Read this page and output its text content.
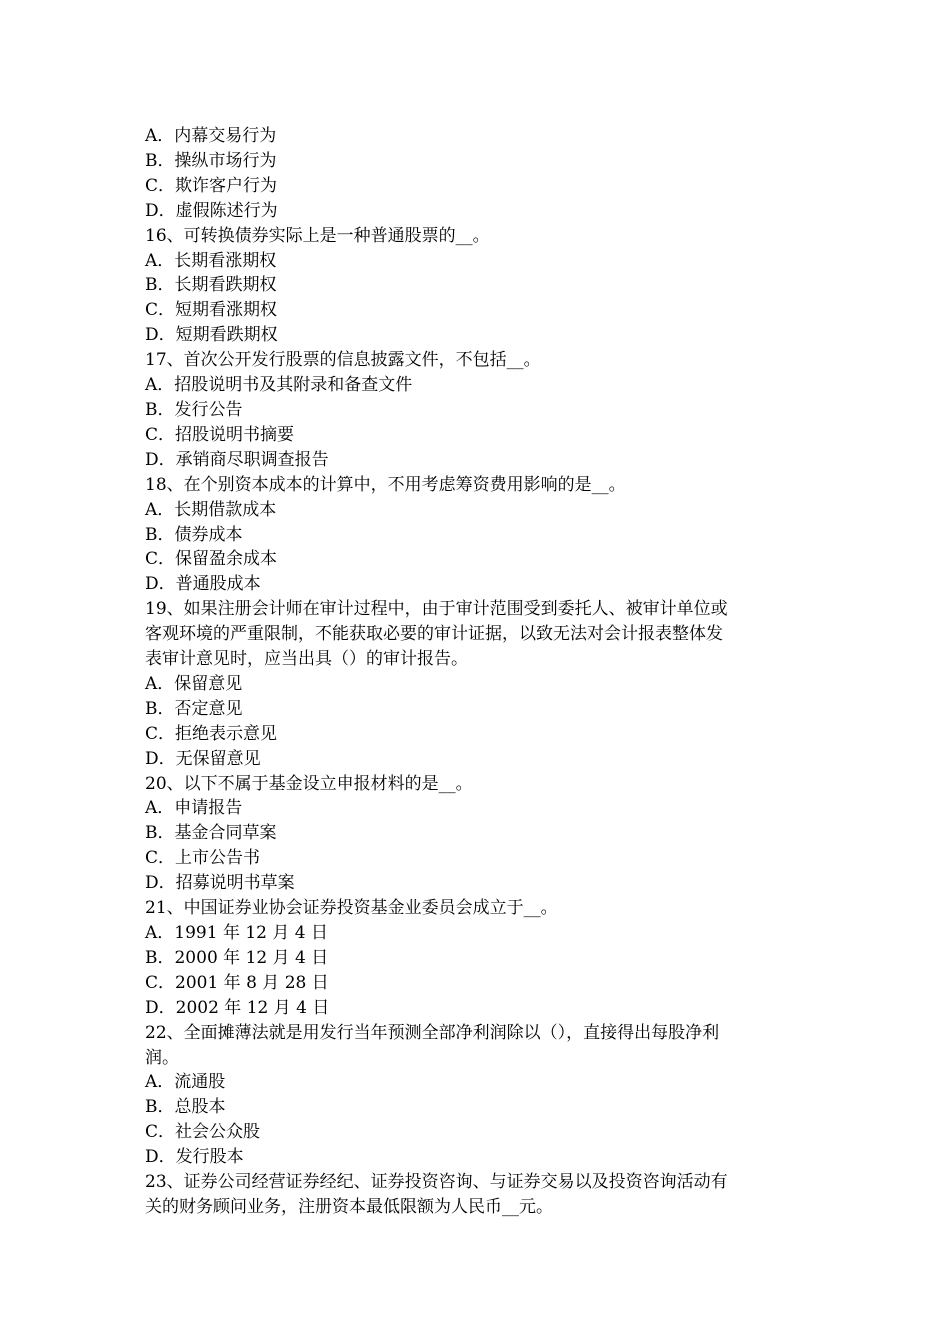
A．内幕交易行为
B．操纵市场行为
C．欺诈客户行为
D．虚假陈述行为
16、可转换债券实际上是一种普通股票的__。
A．长期看涨期权
B．长期看跌期权
C．短期看涨期权
D．短期看跌期权
17、首次公开发行股票的信息披露文件，不包括__。
A．招股说明书及其附录和备查文件
B．发行公告
C．招股说明书摘要
D．承销商尽职调查报告
18、在个别资本成本的计算中，不用考虑筹资费用影响的是__。
A．长期借款成本
B．债券成本
C．保留盈余成本
D．普通股成本
19、如果注册会计师在审计过程中，由于审计范围受到委托人、被审计单位或
客观环境的严重限制，不能获取必要的审计证据，以致无法对会计报表整体发
表审计意见时，应当出具（）的审计报告。
A．保留意见
B．否定意见
C．拒绝表示意见
D．无保留意见
20、以下不属于基金设立申报材料的是__。
A．申请报告
B．基金合同草案
C．上市公告书
D．招募说明书草案
21、中国证券业协会证券投资基金业委员会成立于__。
A．1991 年 12 月 4 日
B．2000 年 12 月 4 日
C．2001 年 8 月 28 日
D．2002 年 12 月 4 日
22、全面摊薄法就是用发行当年预测全部净利润除以（），直接得出每股净利
润。
A．流通股
B．总股本
C．社会公众股
D．发行股本
23、证券公司经营证券经纪、证券投资咨询、与证券交易以及投资咨询活动有
关的财务顾问业务，注册资本最低限额为人民币__元。
